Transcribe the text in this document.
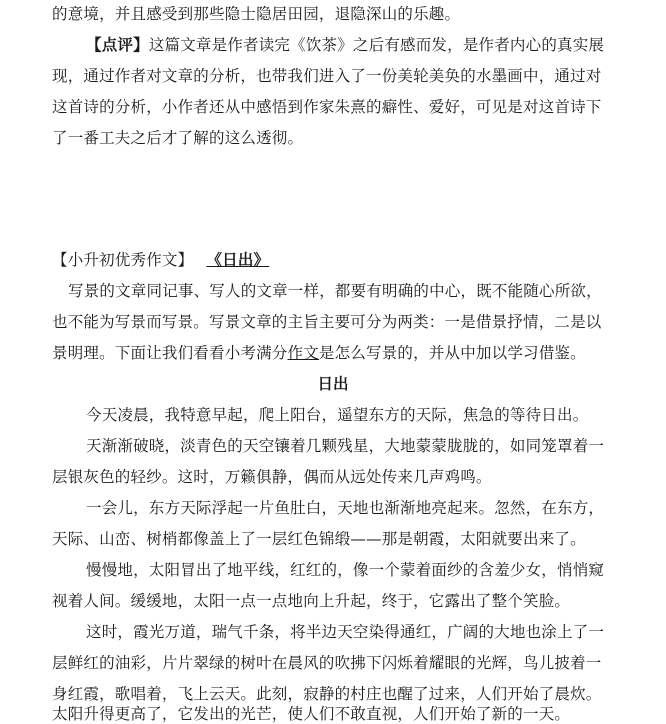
的意境，并且感受到那些隐士隐居田园，退隐深山的乐趣。
【点评】这篇文章是作者读完《饮茶》之后有感而发，是作者内心的真实展
现，通过作者对文章的分析，也带我们进入了一份美轮美奂的水墨画中，通过对
这首诗的分析，小作者还从中感悟到作家朱熹的癖性、爱好，可见是对这首诗下
了一番工夫之后才了解的这么透彻。
【小升初优秀作文】 《日出》
写景的文章同记事、写人的文章一样，都要有明确的中心，既不能随心所欲，
也不能为写景而写景。写景文章的主旨主要可分为两类：一是借景抒情，二是以
景明理。下面让我们看看小考满分作文是怎么写景的，并从中加以学习借鉴。
日出
今天凌晨，我特意早起，爬上阳台，遥望东方的天际，焦急的等待日出。
天渐渐破晓，淡青色的天空镶着几颗残星，大地蒙蒙胧胧的，如同笼罩着一
层银灰色的轻纱。这时，万籁俱静，偶而从远处传来几声鸡鸣。
一会儿，东方天际浮起一片鱼肚白，天地也渐渐地亮起来。忽然，在东方，
天际、山峦、树梢都像盖上了一层红色锦缎——那是朝霞，太阳就要出来了。
慢慢地，太阳冒出了地平线，红红的，像一个蒙着面纱的含羞少女，悄悄窥
视着人间。缓缓地，太阳一点一点地向上升起，终于，它露出了整个笑脸。
这时，霞光万道，瑞气千条，将半边天空染得通红，广阔的大地也涂上了一
层鲜红的油彩，片片翠绿的树叶在晨风的吹拂下闪烁着耀眼的光辉，鸟儿披着一
身红霞，歌唱着，飞上云天。此刻，寂静的村庄也醒了过来，人们开始了晨炊。
太阳升得更高了，它发出的光芒，使人们不敢直视，人们开始了新的一天。
